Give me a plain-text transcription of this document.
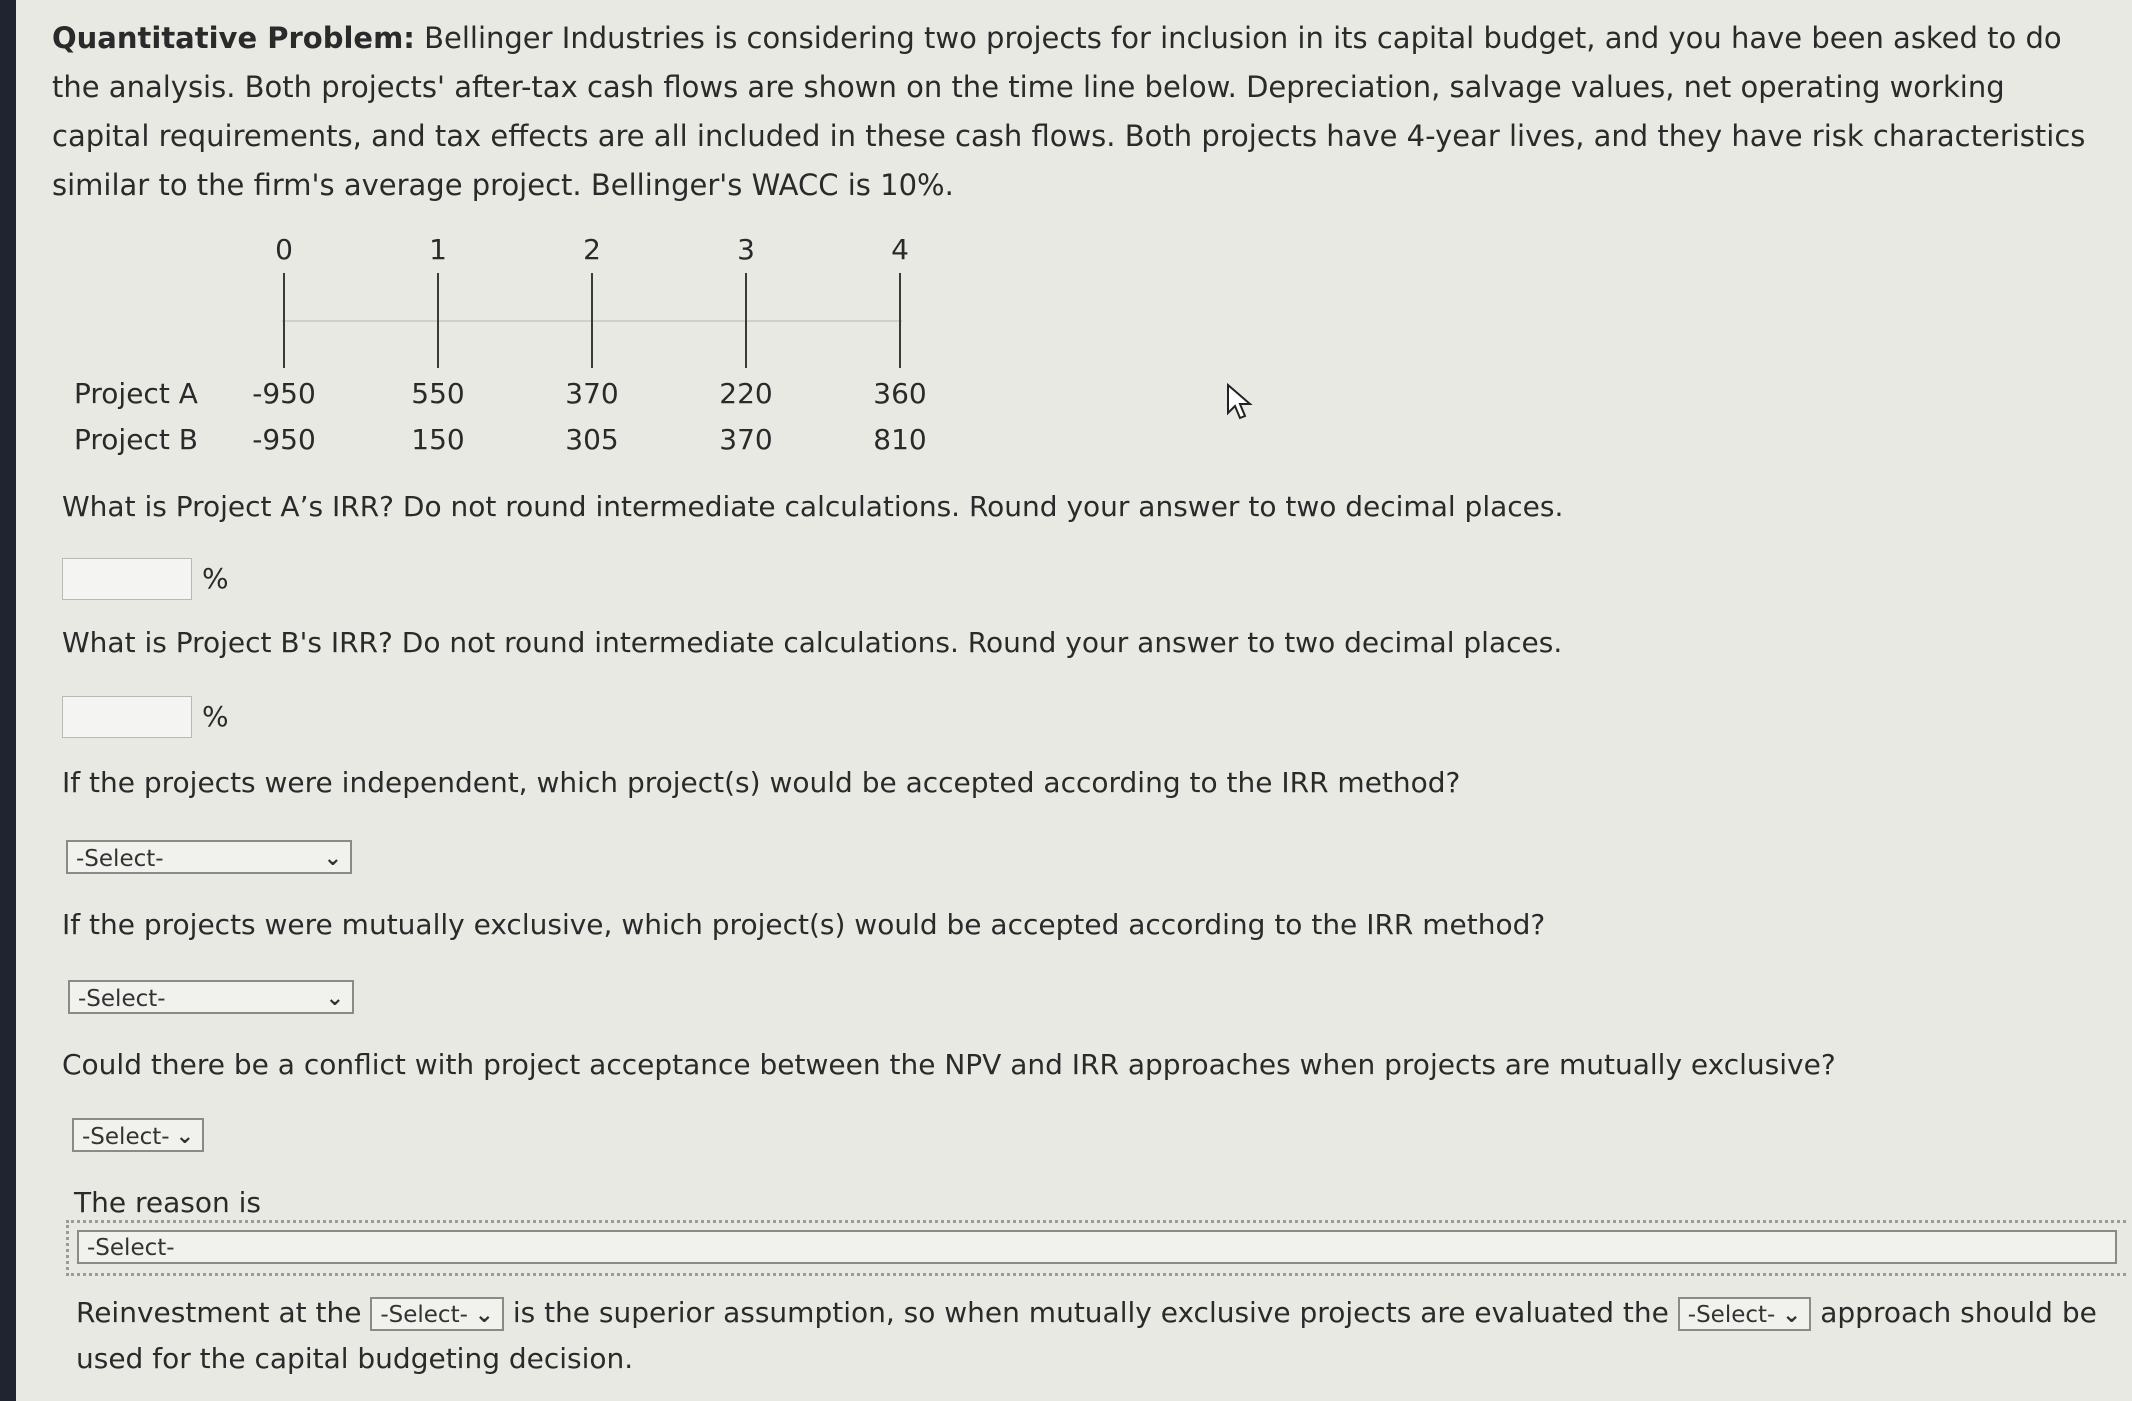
Quantitative Problem: Bellinger Industries is considering two projects for inclusion in its capital budget, and you have been asked to do the analysis. Both projects' after-tax cash flows are shown on the time line below. Depreciation, salvage values, net operating working capital requirements, and tax effects are all included in these cash flows. Both projects have 4-year lives, and they have risk characteristics similar to the firm's average project. Bellinger's WACC is 10%.
0	1	2	3	4
Project A	-950	550	370	220	360
Project B	-950	150	305	370	810
What is Project A’s IRR? Do not round intermediate calculations. Round your answer to two decimal places.
%
What is Project B's IRR? Do not round intermediate calculations. Round your answer to two decimal places.
%
If the projects were independent, which project(s) would be accepted according to the IRR method?
-Select-	⌄
If the projects were mutually exclusive, which project(s) would be accepted according to the IRR method?
-Select-	⌄
Could there be a conflict with project acceptance between the NPV and IRR approaches when projects are mutually exclusive?
-Select- ⌄
The reason is
-Select-
Reinvestment at the -Select- ⌄ is the superior assumption, so when mutually exclusive projects are evaluated the -Select- ⌄ approach should be used for the capital budgeting decision.
